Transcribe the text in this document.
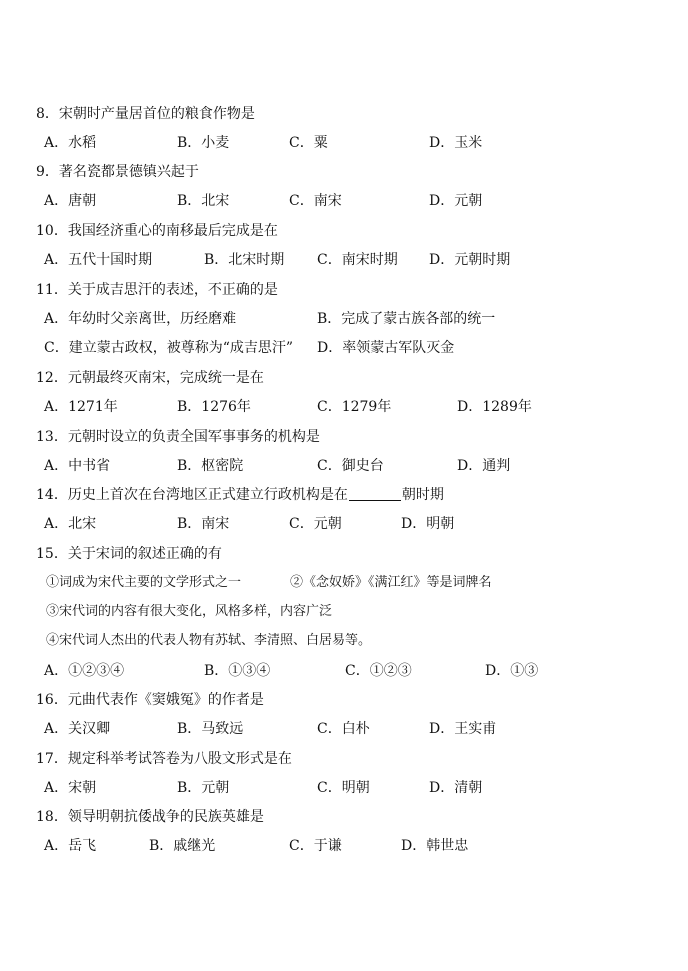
8．宋朝时产量居首位的粮食作物是
A．水稻	B．小麦	C．粟	D．玉米
9．著名瓷都景德镇兴起于
A．唐朝	B．北宋	C．南宋	D．元朝
10．我国经济重心的南移最后完成是在
A．五代十国时期	B．北宋时期 C．南宋时期 D．元朝时期
11．关于成吉思汗的表述，不正确的是
A．年幼时父亲离世，历经磨难	B．完成了蒙古族各部的统一
C．建立蒙古政权，被尊称为“成吉思汗” D．率领蒙古军队灭金
12．元朝最终灭南宋，完成统一是在
A．1271年	B．1276年	C．1279年	D．1289年
13．元朝时设立的负责全国军事事务的机构是
A．中书省	B．枢密院	C．御史台	D．通判
14．历史上首次在台湾地区正式建立行政机构是在	朝时期
A．北宋	B．南宋	C．元朝	D．明朝
15．关于宋词的叙述正确的有
①词成为宋代主要的文学形式之一	②《念奴娇》《满江红》等是词牌名
③宋代词的内容有很大变化，风格多样，内容广泛
④宋代词人杰出的代表人物有苏轼、李清照、白居易等。
A．①②③④	B．①③④	C．①②③	D．①③
16．元曲代表作《窦娥冤》的作者是
A．关汉卿	B．马致远	C．白朴	D．王实甫
17．规定科举考试答卷为八股文形式是在
A．宋朝	B．元朝	C．明朝	D．清朝
18．领导明朝抗倭战争的民族英雄是
A．岳飞	B．戚继光	C．于谦	D．韩世忠
